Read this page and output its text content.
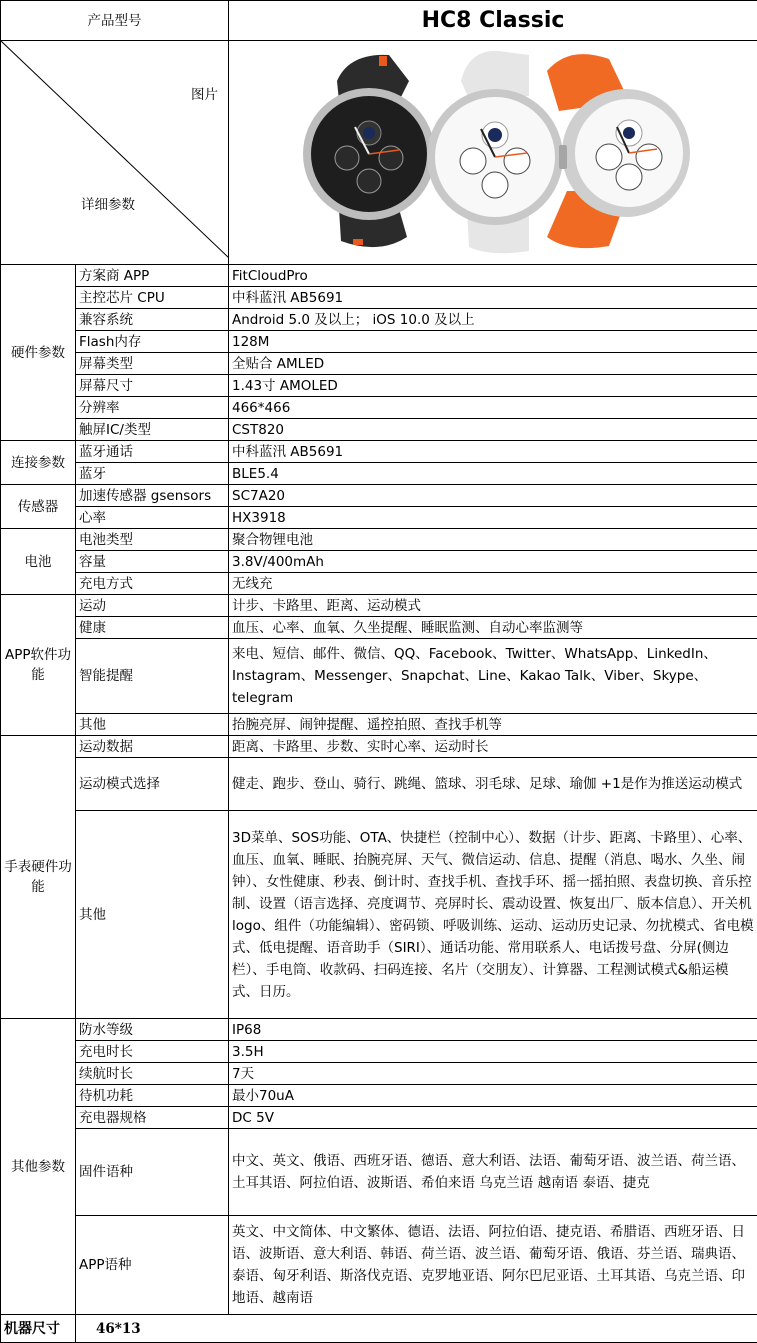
产品型号		HC8 Classic

图片
详细参数

硬件参数	方案商 APP	FitCloudPro
	主控芯片 CPU	中科蓝汛 AB5691
	兼容系统	Android 5.0 及以上； iOS 10.0 及以上
	Flash内存	128M
	屏幕类型	全贴合 AMLED
	屏幕尺寸	1.43寸 AMOLED
	分辨率	466*466
	触屏IC/类型	CST820
连接参数	蓝牙通话	中科蓝汛 AB5691
	蓝牙	BLE5.4
传感器	加速传感器 gsensors	SC7A20
	心率	HX3918
电池	电池类型	聚合物锂电池
	容量	3.8V/400mAh
	充电方式	无线充
APP软件功能	运动	计步、卡路里、距离、运动模式
	健康	血压、心率、血氧、久坐提醒、睡眠监测、自动心率监测等
	智能提醒	来电、短信、邮件、微信、QQ、Facebook、Twitter、WhatsApp、LinkedIn、Instagram、Messenger、Snapchat、Line、Kakao Talk、Viber、Skype、telegram
	其他	抬腕亮屏、闹钟提醒、遥控拍照、查找手机等
手表硬件功能	运动数据	距离、卡路里、步数、实时心率、运动时长
	运动模式选择	健走、跑步、登山、骑行、跳绳、篮球、羽毛球、足球、瑜伽 +1是作为推送运动模式
	其他	3D菜单、SOS功能、OTA、快捷栏（控制中心）、数据（计步、距离、卡路里）、心率、血压、血氧、睡眠、抬腕亮屏、天气、微信运动、信息、提醒（消息、喝水、久坐、闹钟）、女性健康、秒表、倒计时、查找手机、查找手环、摇一摇拍照、表盘切换、音乐控制、设置（语言选择、亮度调节、亮屏时长、震动设置、恢复出厂、版本信息）、开关机logo、组件（功能编辑）、密码锁、呼吸训练、运动、运动历史记录、勿扰模式、省电模式、低电提醒、语音助手（SIRI）、通话功能、常用联系人、电话拨号盘、分屏(侧边栏）、手电筒、收款码、扫码连接、名片（交朋友）、计算器、工程测试模式&船运模式、日历。
其他参数	防水等级	IP68
	充电时长	3.5H
	续航时长	7天
	待机功耗	最小70uA
	充电器规格	DC 5V
	固件语种	中文、英文、俄语、西班牙语、德语、意大利语、法语、葡萄牙语、波兰语、荷兰语、土耳其语、阿拉伯语、波斯语、希伯来语 乌克兰语 越南语 泰语、捷克
	APP语种	英文、中文简体、中文繁体、德语、法语、阿拉伯语、捷克语、希腊语、西班牙语、日语、波斯语、意大利语、韩语、荷兰语、波兰语、葡萄牙语、俄语、芬兰语、瑞典语、泰语、匈牙利语、斯洛伐克语、克罗地亚语、阿尔巴尼亚语、土耳其语、乌克兰语、印地语、越南语
机器尺寸	46*13	
